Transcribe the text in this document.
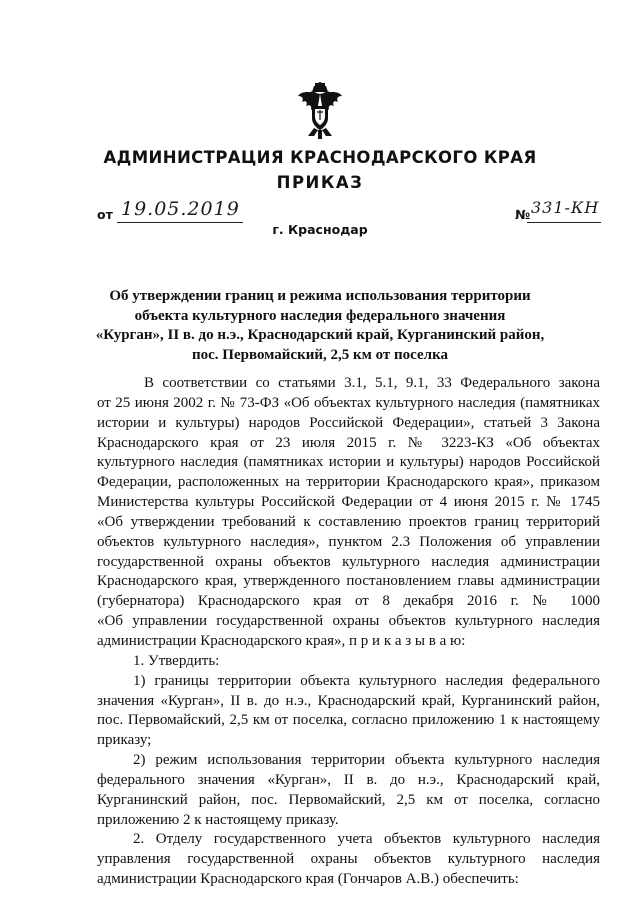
АДМИНИСТРАЦИЯ КРАСНОДАРСКОГО КРАЯ
ПРИКАЗ
от 19.05.2019	№ 331-КН
г. Краснодар
Об утверждении границ и режима использования территории
объекта культурного наследия федерального значения
«Курган», II в. до н.э., Краснодарский край, Курганинский район,
пос. Первомайский, 2,5 км от поселка
В соответствии со статьями 3.1, 5.1, 9.1, 33 Федерального закона
от 25 июня 2002 г. № 73-ФЗ «Об объектах культурного наследия (памятниках
истории и культуры) народов Российской Федерации», статьей 3 Закона
Краснодарского края от 23 июля 2015 г. № 3223-КЗ «Об объектах
культурного наследия (памятниках истории и культуры) народов Российской
Федерации, расположенных на территории Краснодарского края», приказом
Министерства культуры Российской Федерации от 4 июня 2015 г. № 1745
«Об утверждении требований к составлению проектов границ территорий
объектов культурного наследия», пунктом 2.3 Положения об управлении
государственной охраны объектов культурного наследия администрации
Краснодарского края, утвержденного постановлением главы администрации
(губернатора) Краснодарского края от 8 декабря 2016 г. № 1000
«Об управлении государственной охраны объектов культурного наследия
администрации Краснодарского края», п р и к а з ы в а ю:
1. Утвердить:
1) границы территории объекта культурного наследия федерального
значения «Курган», II в. до н.э., Краснодарский край, Курганинский район,
пос. Первомайский, 2,5 км от поселка, согласно приложению 1 к настоящему
приказу;
2) режим использования территории объекта культурного наследия
федерального значения «Курган», II в. до н.э., Краснодарский край,
Курганинский район, пос. Первомайский, 2,5 км от поселка, согласно
приложению 2 к настоящему приказу.
2. Отделу государственного учета объектов культурного наследия
управления государственной охраны объектов культурного наследия
администрации Краснодарского края (Гончаров А.В.) обеспечить:
